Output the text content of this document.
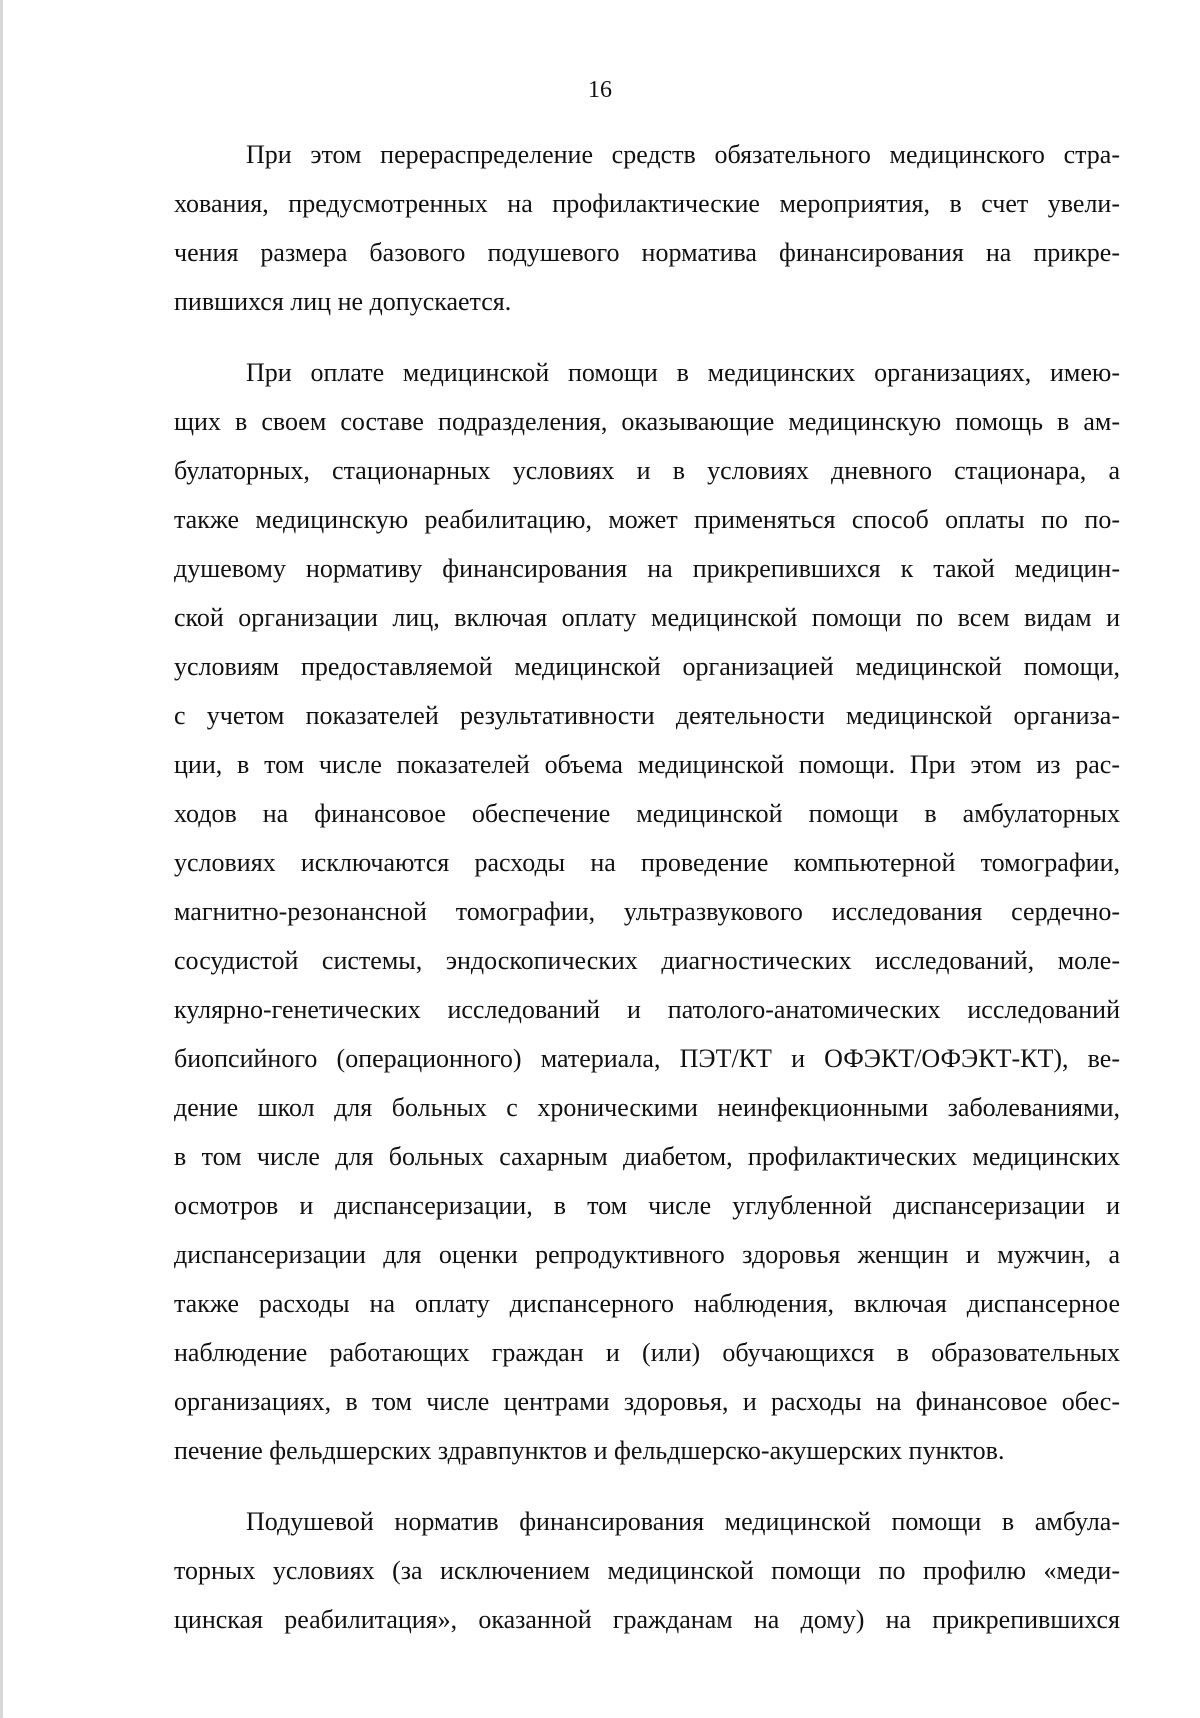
16
При этом перераспределение средств обязательного медицинского стра-
хования, предусмотренных на профилактические мероприятия, в счет увели-
чения размера базового подушевого норматива финансирования на прикре-
пившихся лиц не допускается.
При оплате медицинской помощи в медицинских организациях, имею-
щих в своем составе подразделения, оказывающие медицинскую помощь в ам-
булаторных, стационарных условиях и в условиях дневного стационара, а
также медицинскую реабилитацию, может применяться способ оплаты по по-
душевому нормативу финансирования на прикрепившихся к такой медицин-
ской организации лиц, включая оплату медицинской помощи по всем видам и
условиям предоставляемой медицинской организацией медицинской помощи,
с учетом показателей результативности деятельности медицинской организа-
ции, в том числе показателей объема медицинской помощи. При этом из рас-
ходов на финансовое обеспечение медицинской помощи в амбулаторных
условиях исключаются расходы на проведение компьютерной томографии,
магнитно-резонансной томографии, ультразвукового исследования сердечно-
сосудистой системы, эндоскопических диагностических исследований, моле-
кулярно-генетических исследований и патолого-анатомических исследований
биопсийного (операционного) материала, ПЭТ/КТ и ОФЭКТ/ОФЭКТ-КТ), ве-
дение школ для больных с хроническими неинфекционными заболеваниями,
в том числе для больных сахарным диабетом, профилактических медицинских
осмотров и диспансеризации, в том числе углубленной диспансеризации и
диспансеризации для оценки репродуктивного здоровья женщин и мужчин, а
также расходы на оплату диспансерного наблюдения, включая диспансерное
наблюдение работающих граждан и (или) обучающихся в образовательных
организациях, в том числе центрами здоровья, и расходы на финансовое обес-
печение фельдшерских здравпунктов и фельдшерско-акушерских пунктов.
Подушевой норматив финансирования медицинской помощи в амбула-
торных условиях (за исключением медицинской помощи по профилю «меди-
цинская реабилитация», оказанной гражданам на дому) на прикрепившихся
